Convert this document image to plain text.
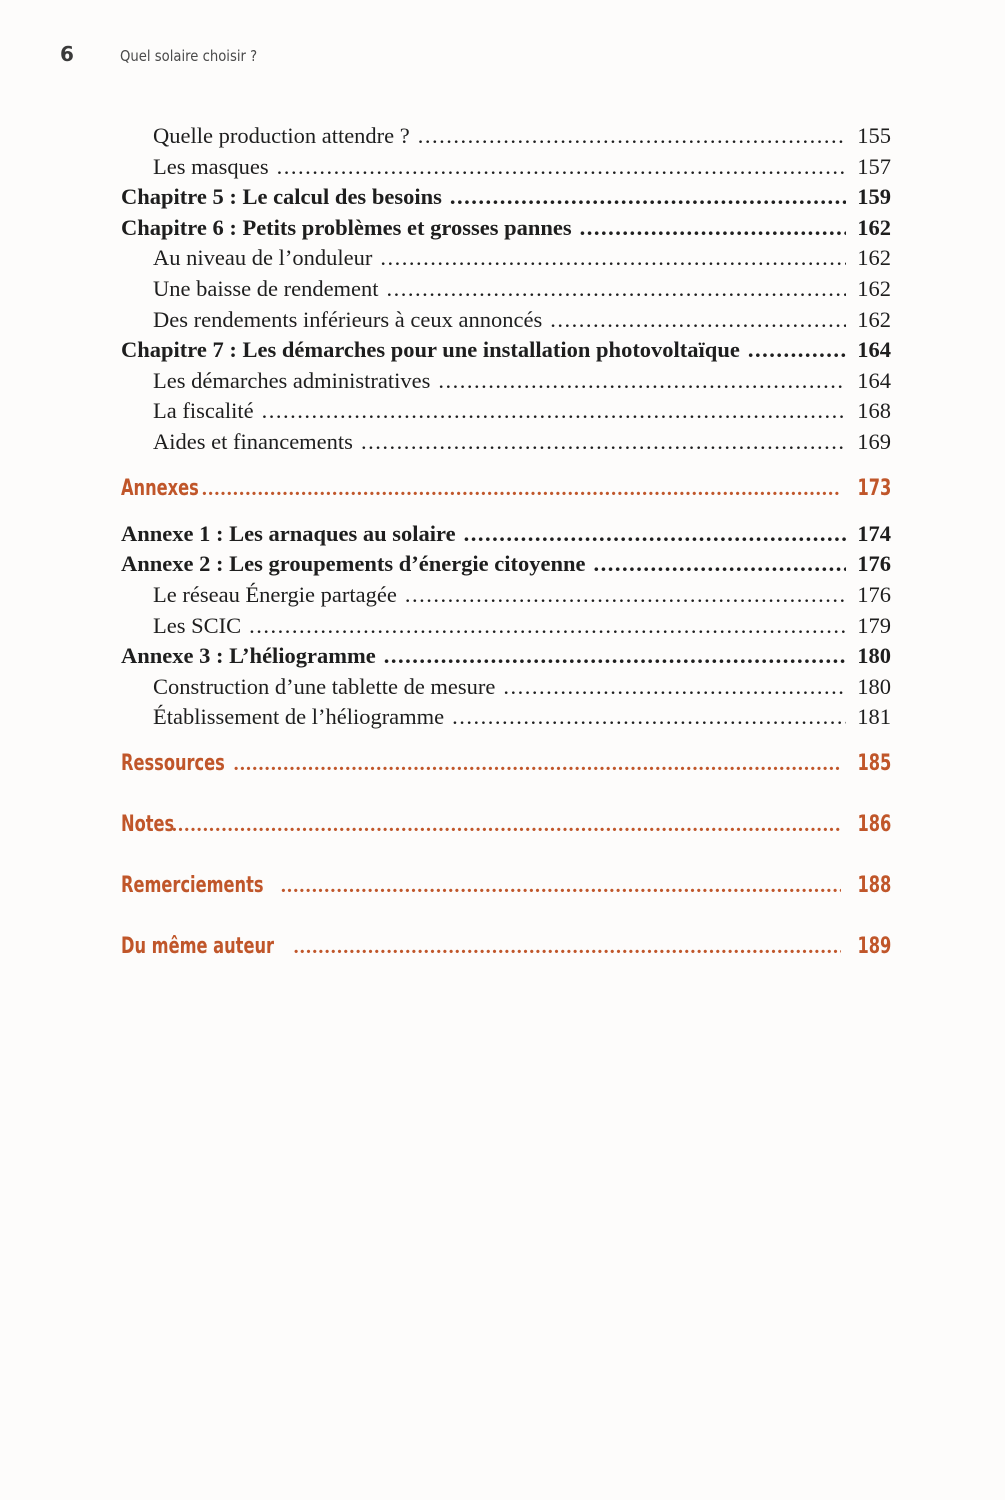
6	Quel solaire choisir ?
Quelle production attendre ? .....	155
Les masques .....	157
Chapitre 5 : Le calcul des besoins .....	159
Chapitre 6 : Petits problèmes et grosses pannes .....	162
Au niveau de l’onduleur .....	162
Une baisse de rendement .....	162
Des rendements inférieurs à ceux annoncés .....	162
Chapitre 7 : Les démarches pour une installation photovoltaïque .....	164
Les démarches administratives .....	164
La fiscalité .....	168
Aides et financements .....	169
Annexes .....	173
Annexe 1 : Les arnaques au solaire .....	174
Annexe 2 : Les groupements d’énergie citoyenne .....	176
Le réseau Énergie partagée .....	176
Les SCIC .....	179
Annexe 3 : L’héliogramme .....	180
Construction d’une tablette de mesure .....	180
Établissement de l’héliogramme .....	181
Ressources .....	185
Notes .....	186
Remerciements .....	188
Du même auteur .....	189
